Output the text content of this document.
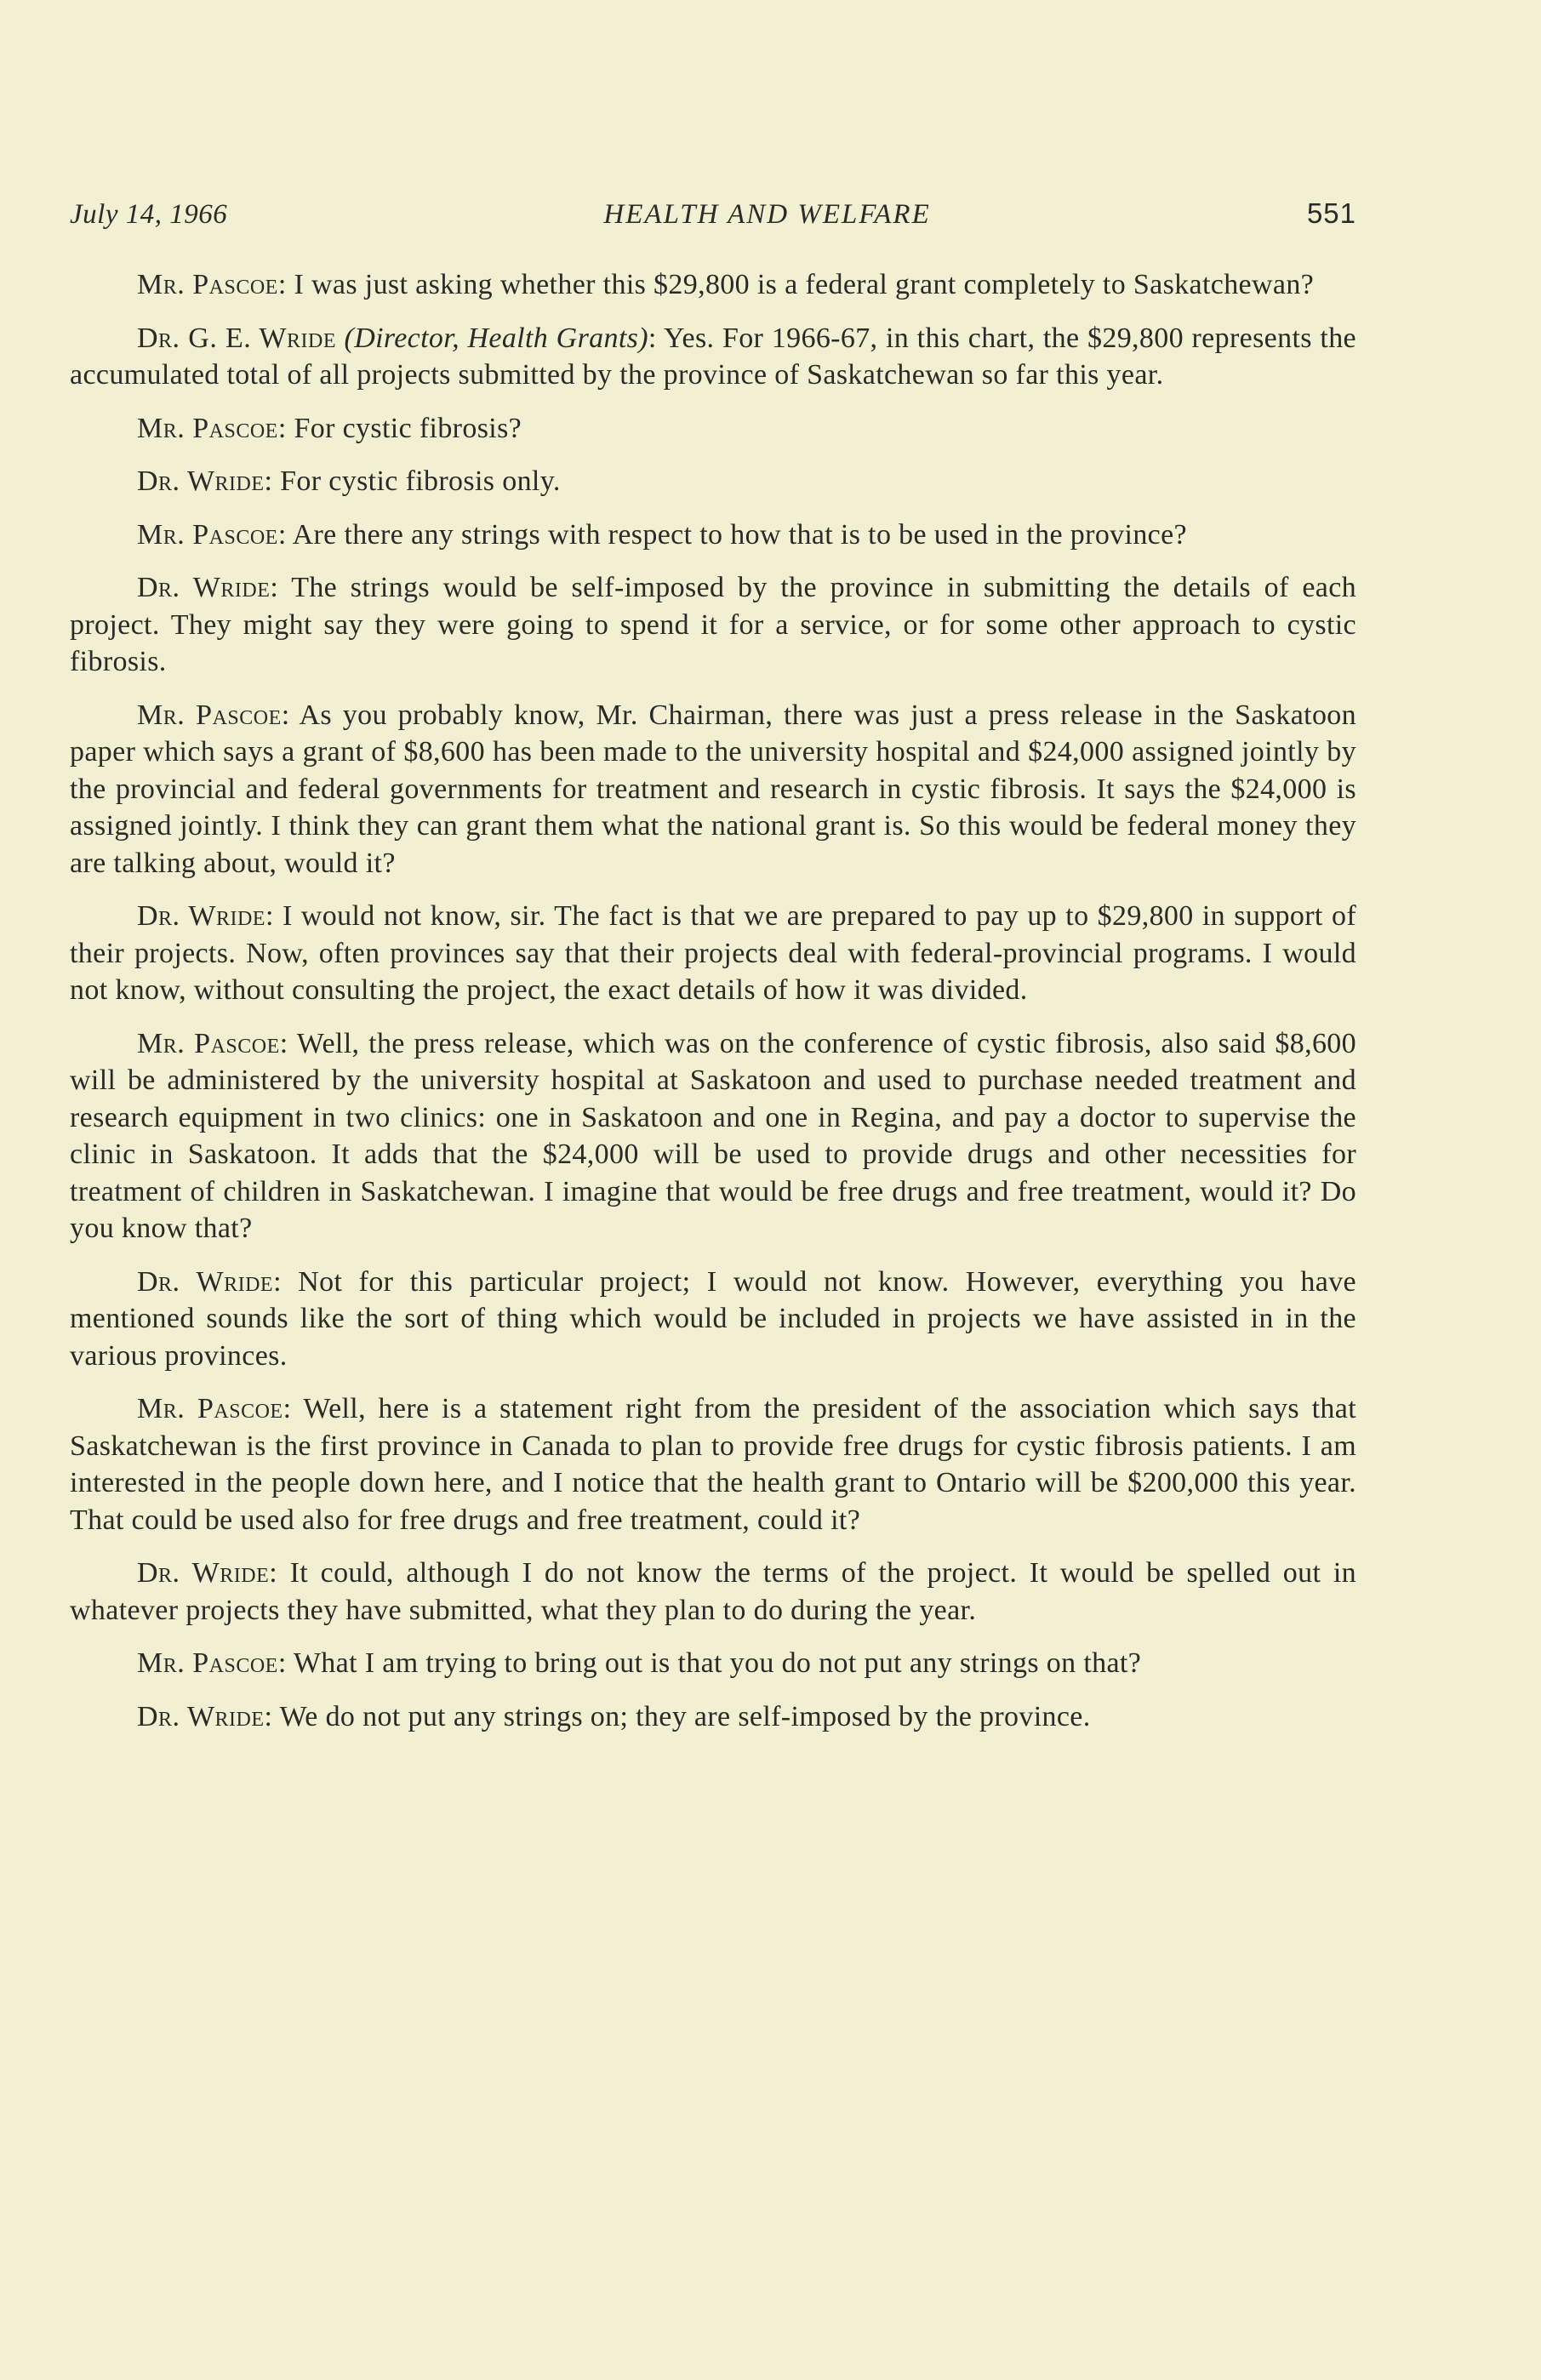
July 14, 1966	HEALTH AND WELFARE	551

Mr. Pascoe: I was just asking whether this $29,800 is a federal grant completely to Saskatchewan?

Dr. G. E. Wride (Director, Health Grants): Yes. For 1966-67, in this chart, the $29,800 represents the accumulated total of all projects submitted by the province of Saskatchewan so far this year.

Mr. Pascoe: For cystic fibrosis?

Dr. Wride: For cystic fibrosis only.

Mr. Pascoe: Are there any strings with respect to how that is to be used in the province?

Dr. Wride: The strings would be self-imposed by the province in submitting the details of each project. They might say they were going to spend it for a service, or for some other approach to cystic fibrosis.

Mr. Pascoe: As you probably know, Mr. Chairman, there was just a press release in the Saskatoon paper which says a grant of $8,600 has been made to the university hospital and $24,000 assigned jointly by the provincial and federal governments for treatment and research in cystic fibrosis. It says the $24,000 is assigned jointly. I think they can grant them what the national grant is. So this would be federal money they are talking about, would it?

Dr. Wride: I would not know, sir. The fact is that we are prepared to pay up to $29,800 in support of their projects. Now, often provinces say that their projects deal with federal-provincial programs. I would not know, without consulting the project, the exact details of how it was divided.

Mr. Pascoe: Well, the press release, which was on the conference of cystic fibrosis, also said $8,600 will be administered by the university hospital at Saskatoon and used to purchase needed treatment and research equipment in two clinics: one in Saskatoon and one in Regina, and pay a doctor to supervise the clinic in Saskatoon. It adds that the $24,000 will be used to provide drugs and other necessities for treatment of children in Saskatchewan. I imagine that would be free drugs and free treatment, would it? Do you know that?

Dr. Wride: Not for this particular project; I would not know. However, everything you have mentioned sounds like the sort of thing which would be included in projects we have assisted in in the various provinces.

Mr. Pascoe: Well, here is a statement right from the president of the association which says that Saskatchewan is the first province in Canada to plan to provide free drugs for cystic fibrosis patients. I am interested in the people down here, and I notice that the health grant to Ontario will be $200,000 this year. That could be used also for free drugs and free treatment, could it?

Dr. Wride: It could, although I do not know the terms of the project. It would be spelled out in whatever projects they have submitted, what they plan to do during the year.

Mr. Pascoe: What I am trying to bring out is that you do not put any strings on that?

Dr. Wride: We do not put any strings on; they are self-imposed by the province.
